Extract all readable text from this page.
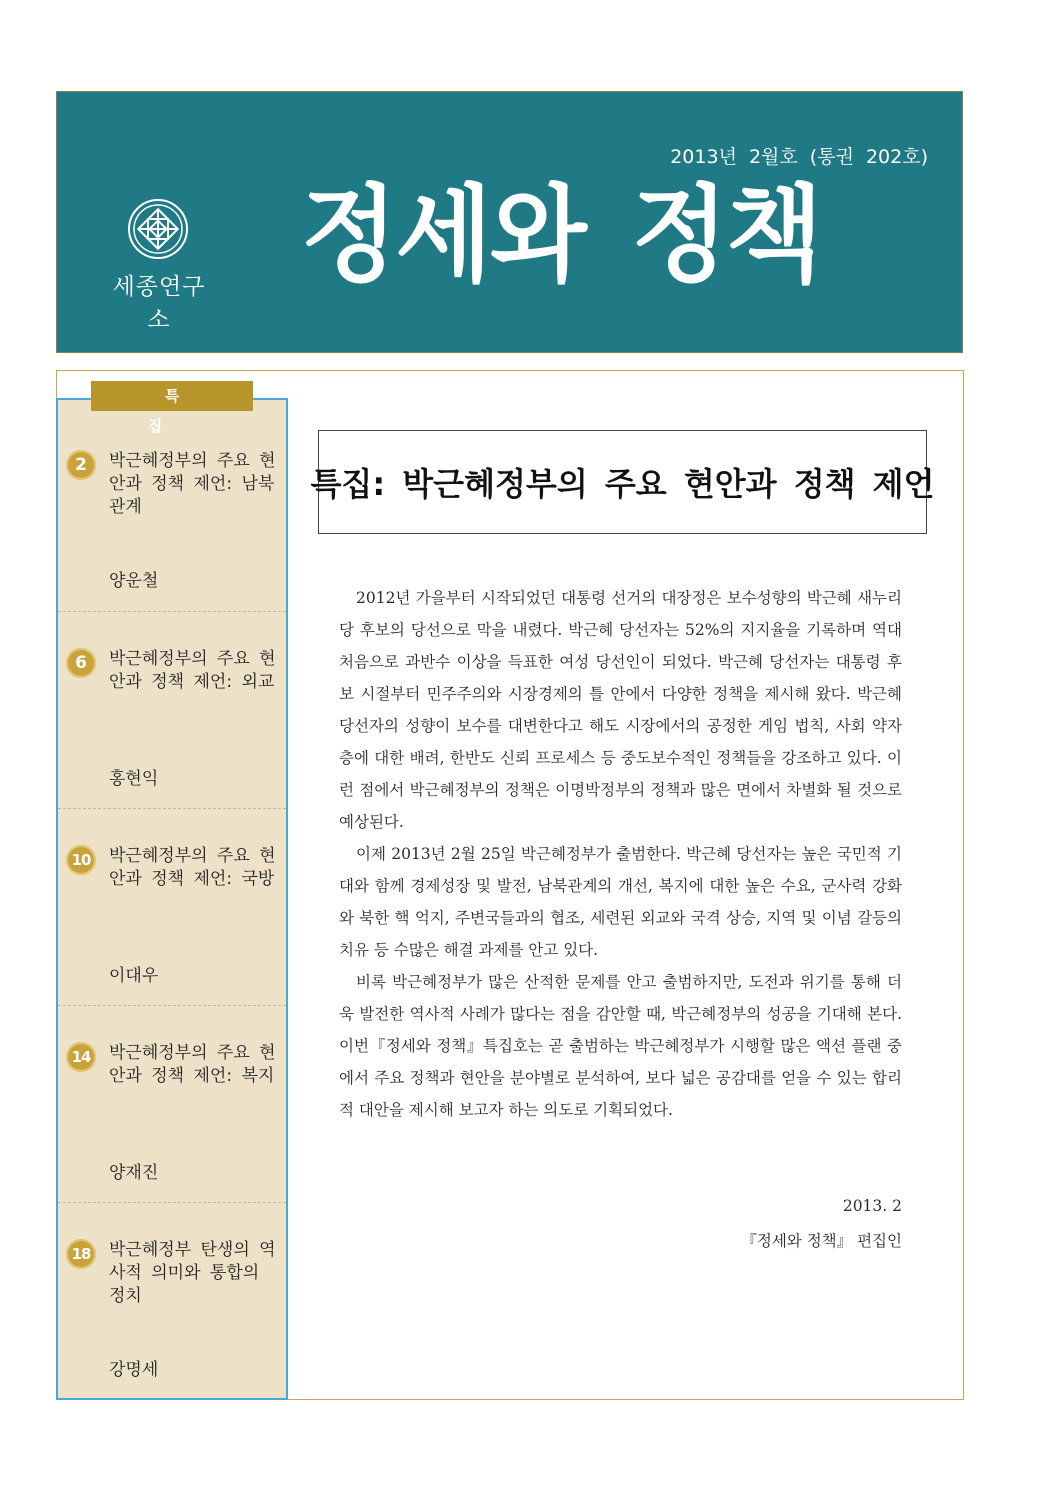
세종연구소
2013년 2월호 (통권 202호)
정세와 정책
특 집
2	박근혜정부의 주요 현안과 정책 제언: 남북관계
양운철
6	박근혜정부의 주요 현안과 정책 제언: 외교
홍현익
10	박근혜정부의 주요 현안과 정책 제언: 국방
이대우
14	박근혜정부의 주요 현안과 정책 제언: 복지
양재진
18	박근혜정부 탄생의 역사적 의미와 통합의 정치
강명세
특집: 박근혜정부의 주요 현안과 정책 제언

2012년 가을부터 시작되었던 대통령 선거의 대장정은 보수성향의 박근혜 새누리당 후보의 당선으로 막을 내렸다. 박근혜 당선자는 52%의 지지율을 기록하며 역대 처음으로 과반수 이상을 득표한 여성 당선인이 되었다. 박근혜 당선자는 대통령 후보 시절부터 민주주의와 시장경제의 틀 안에서 다양한 정책을 제시해 왔다. 박근혜 당선자의 성향이 보수를 대변한다고 해도 시장에서의 공정한 게임 법칙, 사회 약자층에 대한 배려, 한반도 신뢰 프로세스 등 중도보수적인 정책들을 강조하고 있다. 이런 점에서 박근혜정부의 정책은 이명박정부의 정책과 많은 면에서 차별화 될 것으로 예상된다.

이제 2013년 2월 25일 박근혜정부가 출범한다. 박근혜 당선자는 높은 국민적 기대와 함께 경제성장 및 발전, 남북관계의 개선, 복지에 대한 높은 수요, 군사력 강화와 북한 핵 억지, 주변국들과의 협조, 세련된 외교와 국격 상승, 지역 및 이념 갈등의 치유 등 수많은 해결 과제를 안고 있다.

비록 박근혜정부가 많은 산적한 문제를 안고 출범하지만, 도전과 위기를 통해 더욱 발전한 역사적 사례가 많다는 점을 감안할 때, 박근혜정부의 성공을 기대해 본다. 이번『정세와 정책』특집호는 곧 출범하는 박근혜정부가 시행할 많은 액션 플랜 중에서 주요 정책과 현안을 분야별로 분석하여, 보다 넓은 공감대를 얻을 수 있는 합리적 대안을 제시해 보고자 하는 의도로 기획되었다.

2013. 2
『정세와 정책』 편집인
